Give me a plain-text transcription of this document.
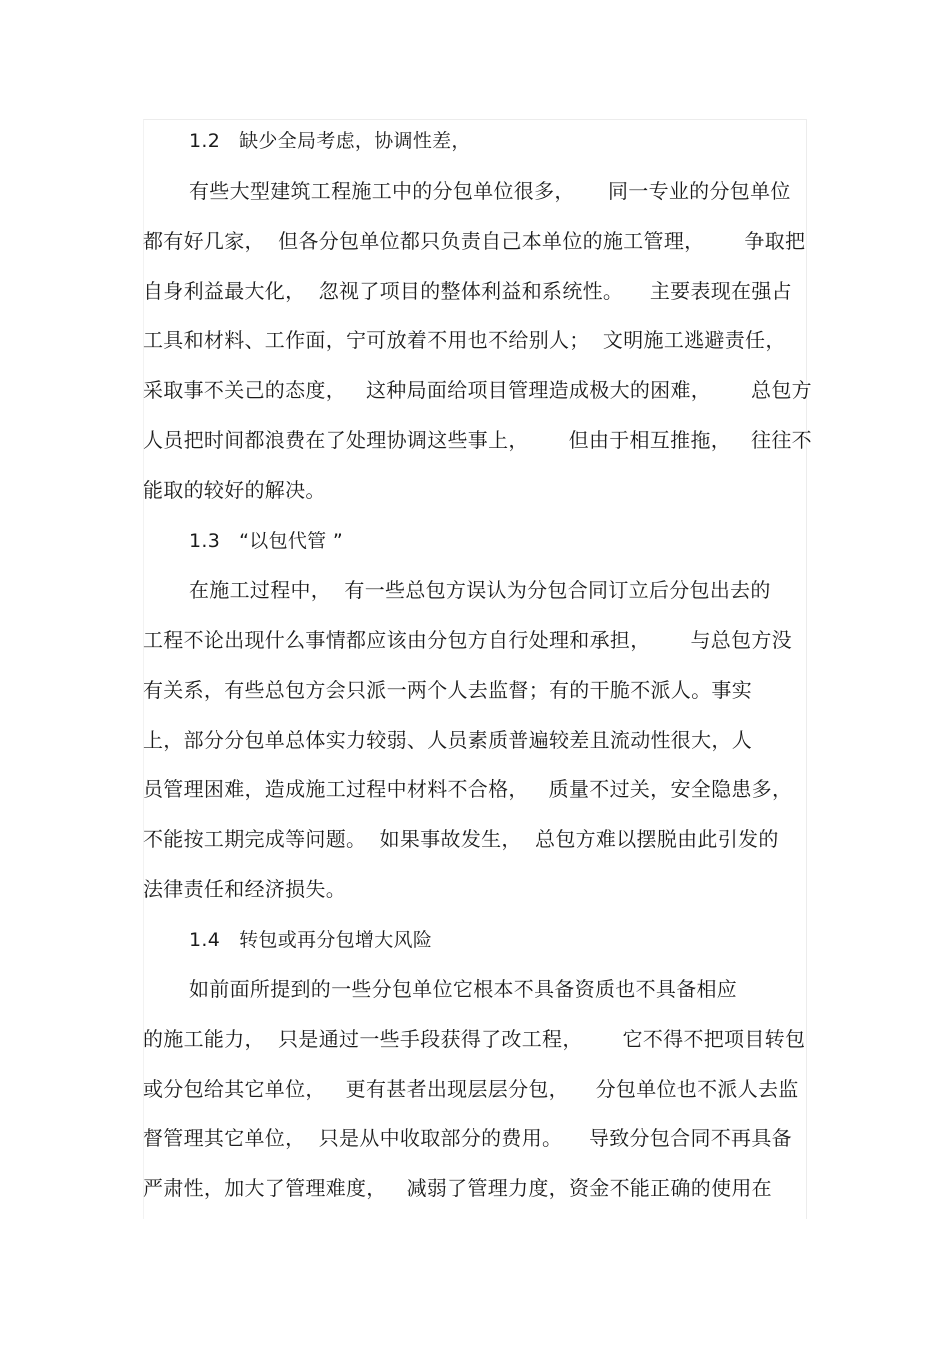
1.2   缺少全局考虑，协调性差，
有些大型建筑工程施工中的分包单位很多，     同一专业的分包单位
都有好几家，  但各分包单位都只负责自己本单位的施工管理，      争取把
自身利益最大化，  忽视了项目的整体利益和系统性。    主要表现在强占
工具和材料、工作面，宁可放着不用也不给别人；  文明施工逃避责任，
采取事不关己的态度，   这种局面给项目管理造成极大的困难，      总包方
人员把时间都浪费在了处理协调这些事上，      但由于相互推拖，   往往不
能取的较好的解决。
1.3   “以包代管 ”
在施工过程中，  有一些总包方误认为分包合同订立后分包出去的
工程不论出现什么事情都应该由分包方自行处理和承担，      与总包方没
有关系，有些总包方会只派一两个人去监督；有的干脆不派人。事实
上，部分分包单总体实力较弱、人员素质普遍较差且流动性很大，人
员管理困难，造成施工过程中材料不合格，   质量不过关，安全隐患多，
不能按工期完成等问题。  如果事故发生，  总包方难以摆脱由此引发的
法律责任和经济损失。
1.4   转包或再分包增大风险
如前面所提到的一些分包单位它根本不具备资质也不具备相应
的施工能力，  只是通过一些手段获得了改工程，      它不得不把项目转包
或分包给其它单位，   更有甚者出现层层分包，    分包单位也不派人去监
督管理其它单位，  只是从中收取部分的费用。    导致分包合同不再具备
严肃性，加大了管理难度，   减弱了管理力度，资金不能正确的使用在
